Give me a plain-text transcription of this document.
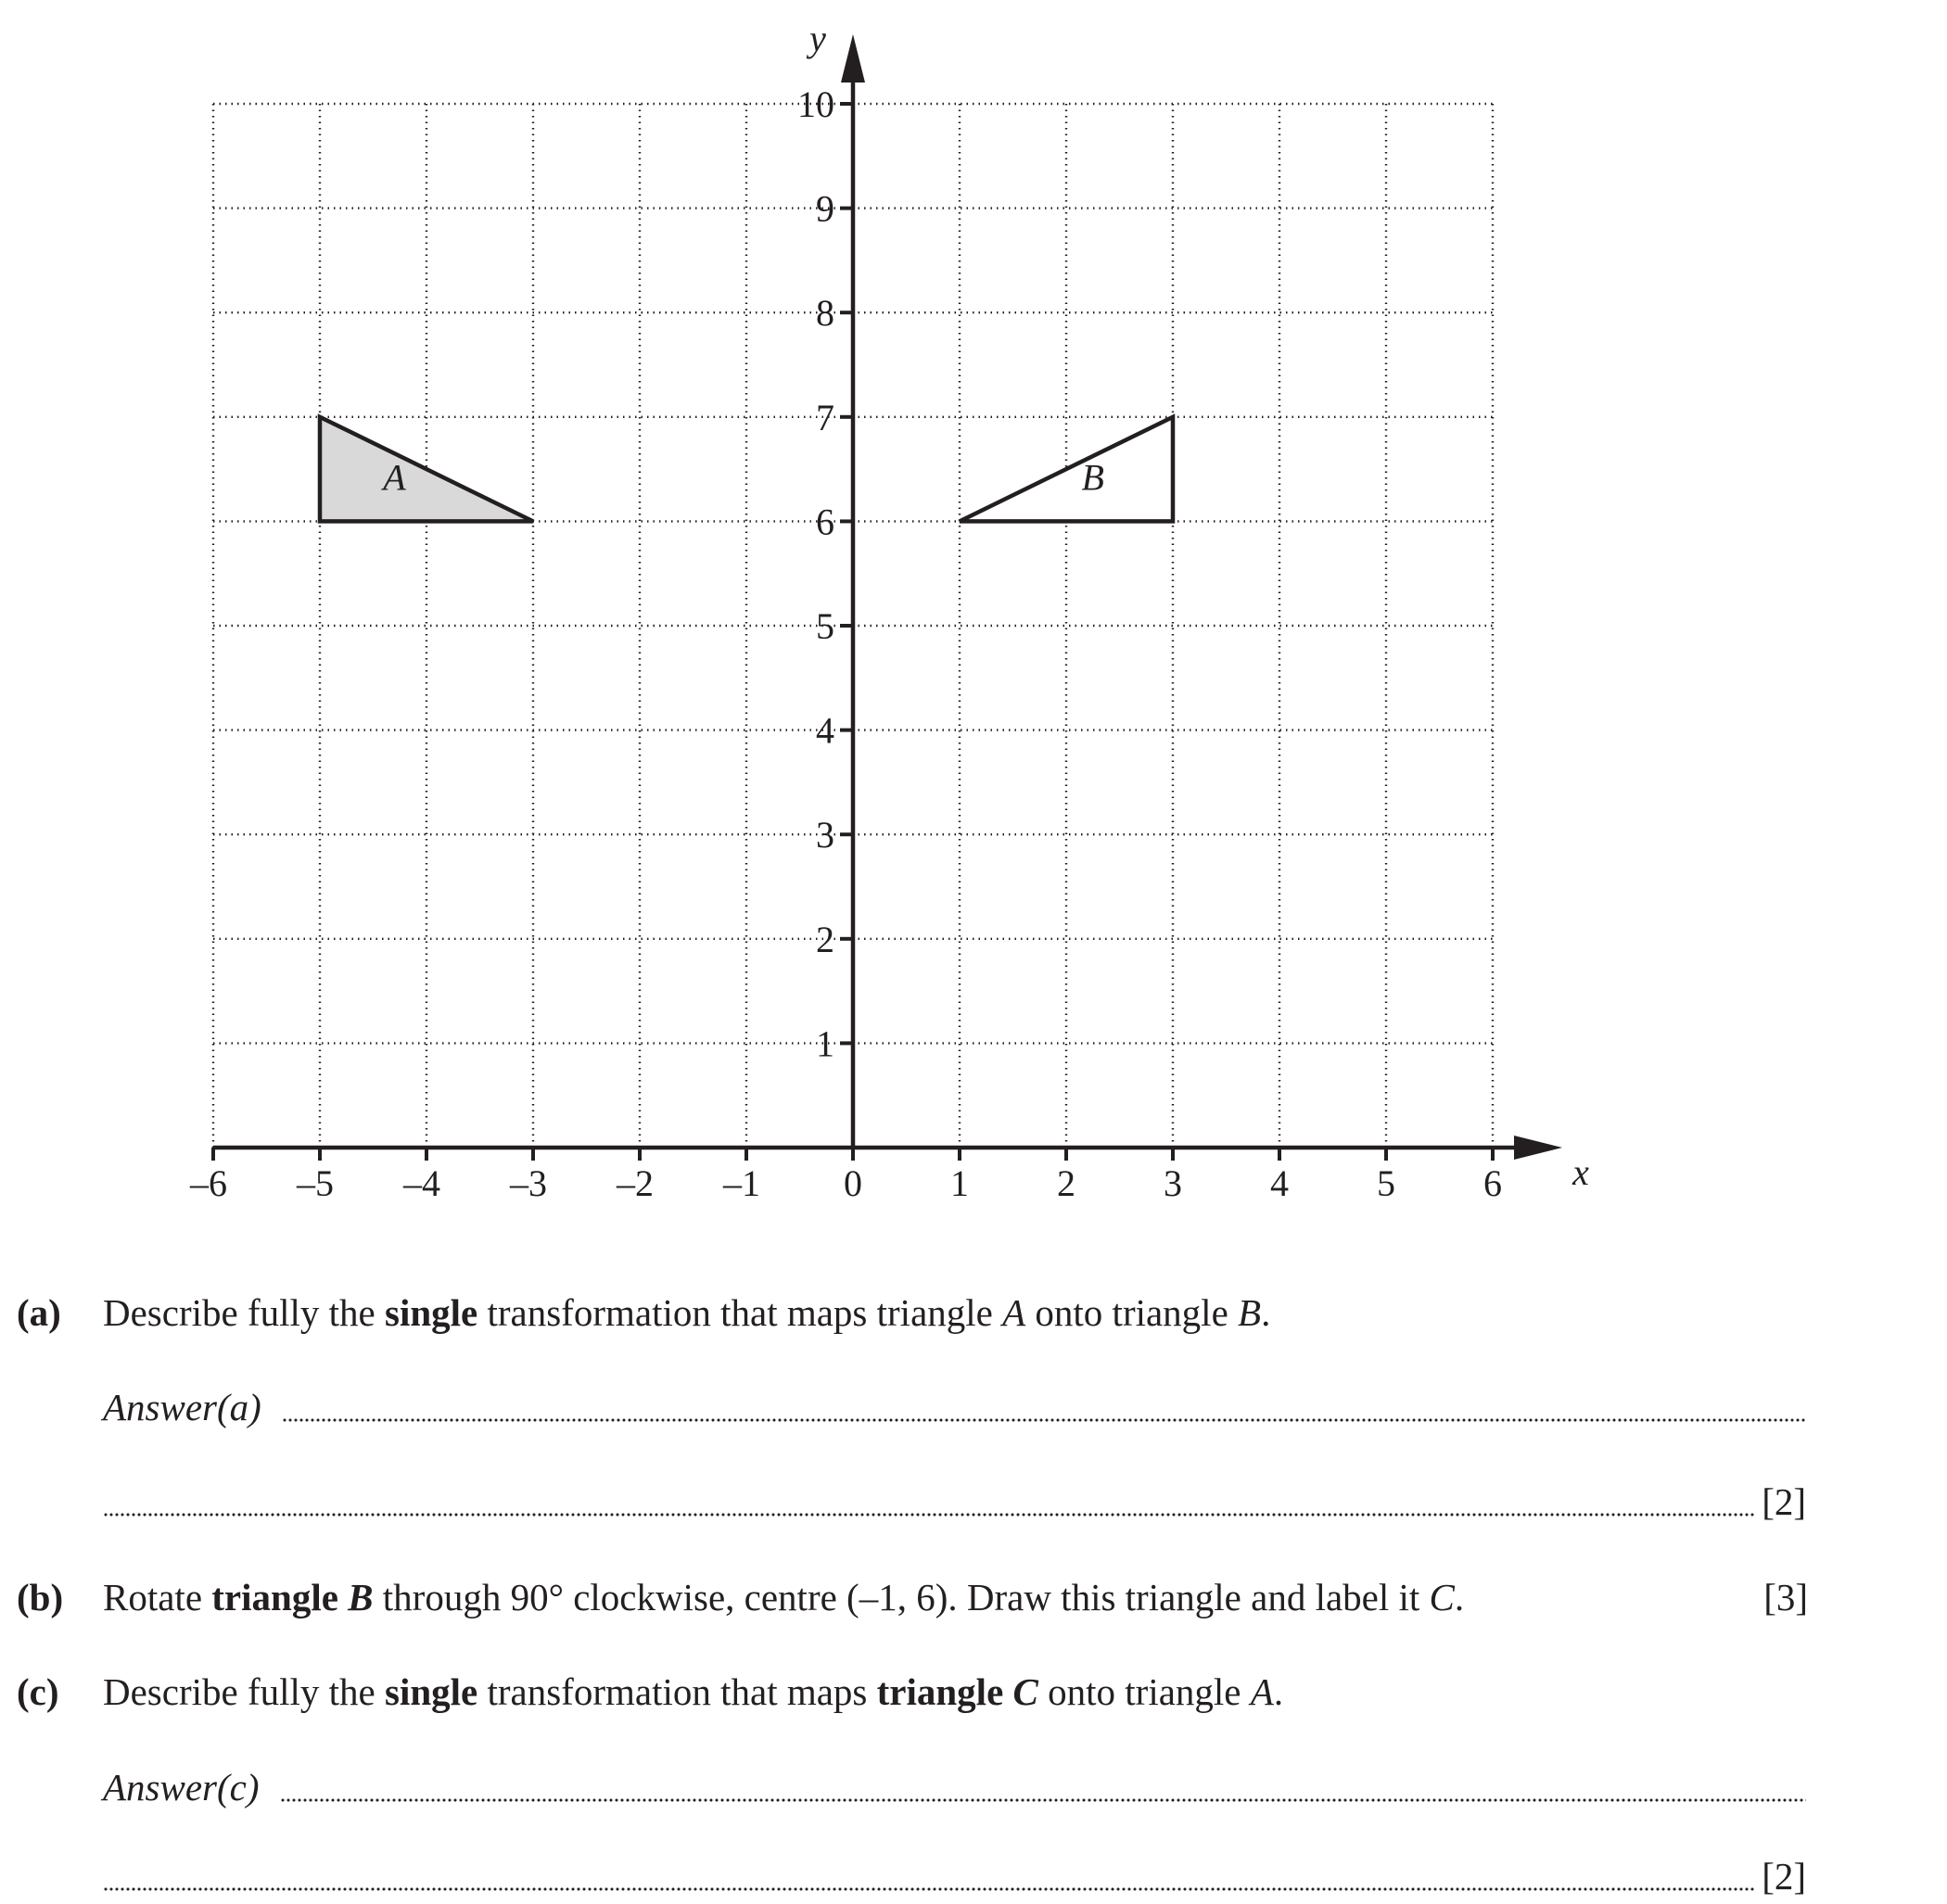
A	B
x
y
–6 –5 –4 –3 –2 –1 0 1 2 3 4 5 6
1
2
3
4
5
6
7
8
9
10
(a) Describe fully the single transformation that maps triangle A onto triangle B.
Answer(a)
[2]
(b) Rotate triangle B through 90° clockwise, centre (–1, 6). Draw this triangle and label it C.	[3]
(c) Describe fully the single transformation that maps triangle C onto triangle A.
Answer(c)
[2]
